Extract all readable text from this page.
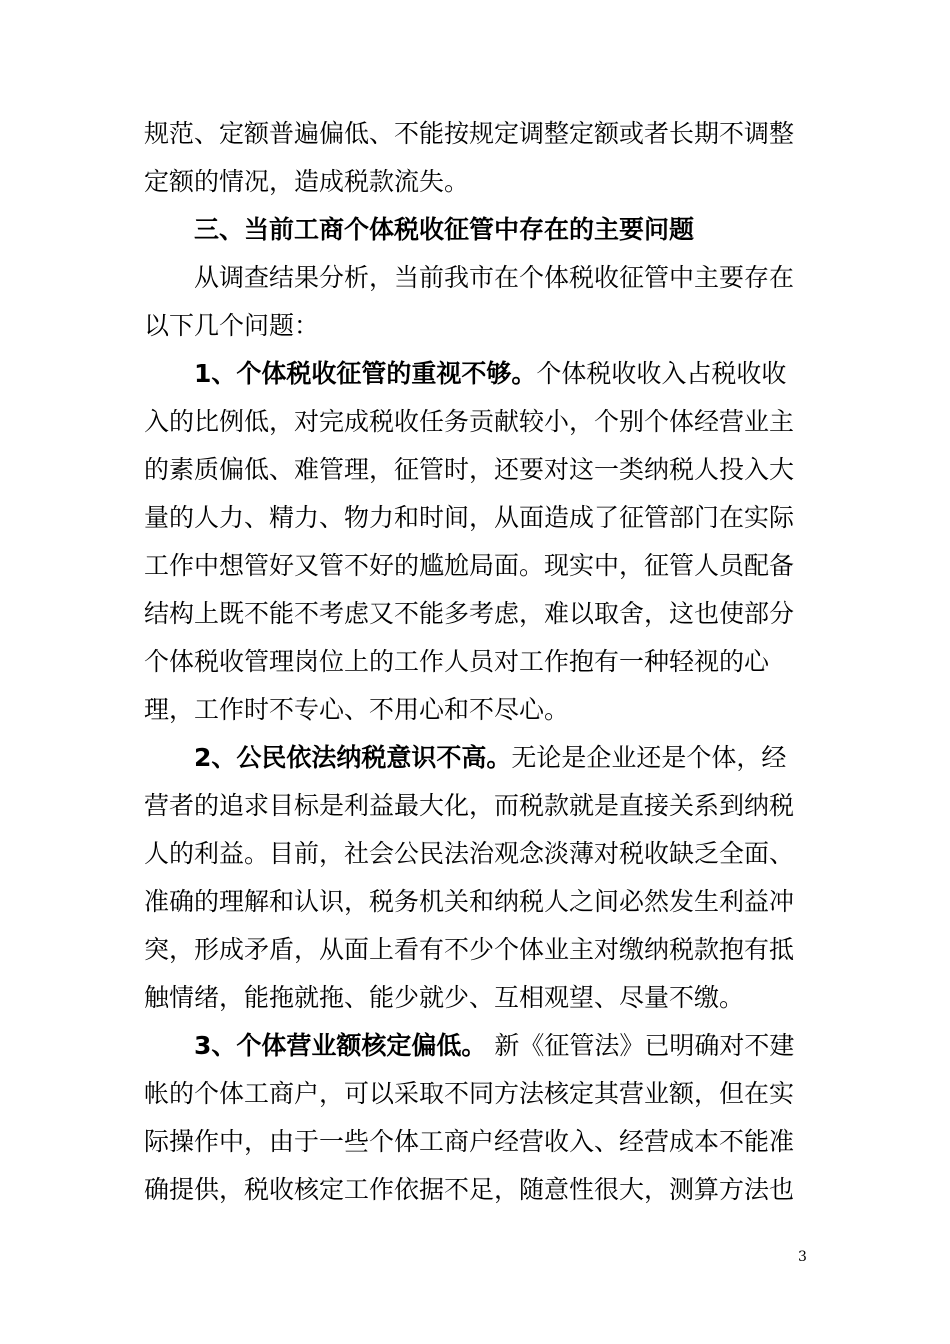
规范、定额普遍偏低、不能按规定调整定额或者长期不调整
定额的情况，造成税款流失。
三、当前工商个体税收征管中存在的主要问题
从调查结果分析，当前我市在个体税收征管中主要存在
以下几个问题：
1、个体税收征管的重视不够。个体税收收入占税收收
入的比例低，对完成税收任务贡献较小，个别个体经营业主
的素质偏低、难管理，征管时，还要对这一类纳税人投入大
量的人力、精力、物力和时间，从面造成了征管部门在实际
工作中想管好又管不好的尴尬局面。现实中，征管人员配备
结构上既不能不考虑又不能多考虑，难以取舍，这也使部分
个体税收管理岗位上的工作人员对工作抱有一种轻视的心
理，工作时不专心、不用心和不尽心。
2、公民依法纳税意识不高。无论是企业还是个体，经
营者的追求目标是利益最大化，而税款就是直接关系到纳税
人的利益。目前，社会公民法治观念淡薄对税收缺乏全面、
准确的理解和认识，税务机关和纳税人之间必然发生利益冲
突，形成矛盾，从面上看有不少个体业主对缴纳税款抱有抵
触情绪，能拖就拖、能少就少、互相观望、尽量不缴。
3、个体营业额核定偏低。 新《征管法》已明确对不建
帐的个体工商户，可以采取不同方法核定其营业额，但在实
际操作中，由于一些个体工商户经营收入、经营成本不能准
确提供，税收核定工作依据不足，随意性很大，测算方法也
3
